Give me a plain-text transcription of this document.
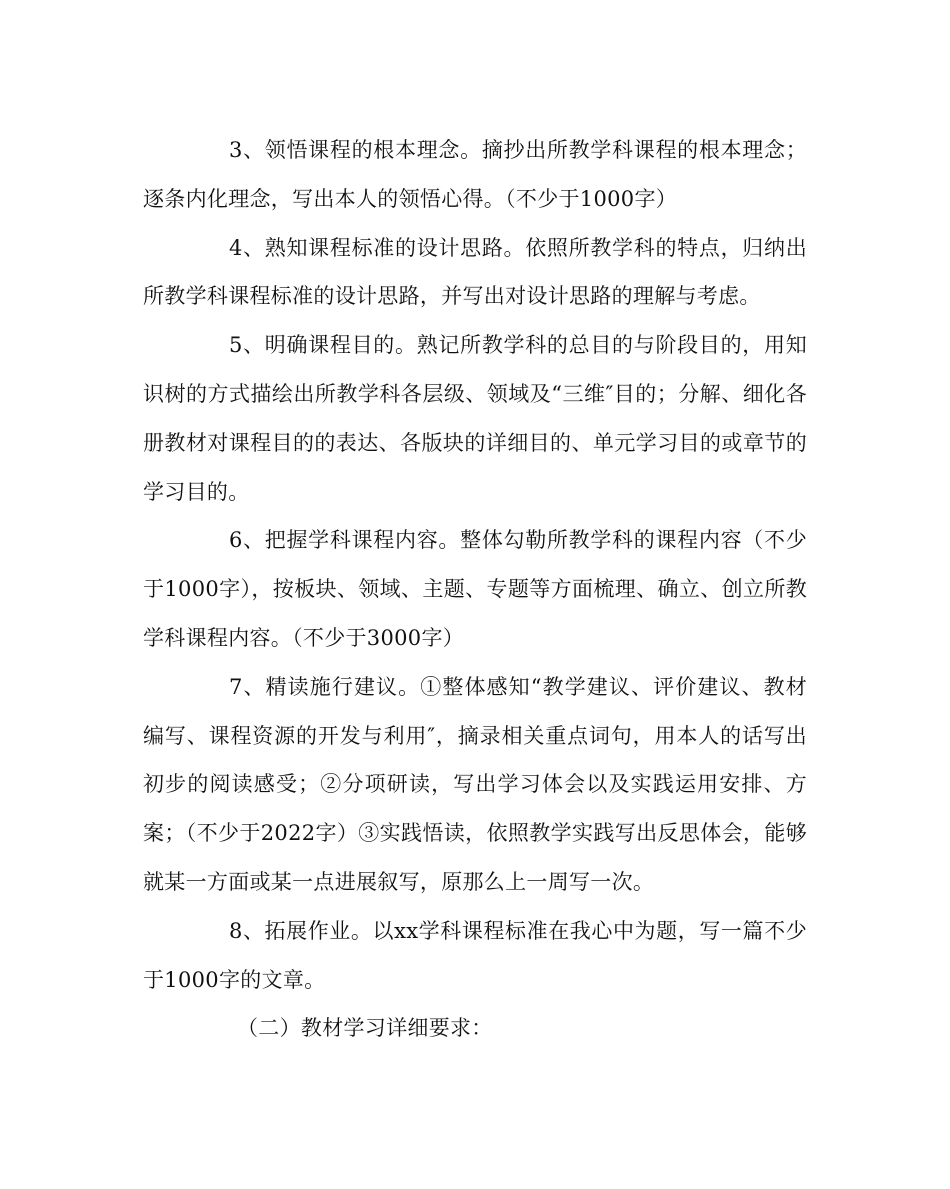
3、领悟课程的根本理念。摘抄出所教学科课程的根本理念；逐条内化理念，写出本人的领悟心得。（不少于1000字）

4、熟知课程标准的设计思路。依照所教学科的特点，归纳出所教学科课程标准的设计思路，并写出对设计思路的理解与考虑。

5、明确课程目的。熟记所教学科的总目的与阶段目的，用知识树的方式描绘出所教学科各层级、领域及“三维″目的；分解、细化各册教材对课程目的的表达、各版块的详细目的、单元学习目的或章节的学习目的。

6、把握学科课程内容。整体勾勒所教学科的课程内容（不少于1000字），按板块、领域、主题、专题等方面梳理、确立、创立所教学科课程内容。（不少于3000字）

7、精读施行建议。①整体感知“教学建议、评价建议、教材编写、课程资源的开发与利用″，摘录相关重点词句，用本人的话写出初步的阅读感受；②分项研读，写出学习体会以及实践运用安排、方案；（不少于2022字）③实践悟读，依照教学实践写出反思体会，能够就某一方面或某一点进展叙写，原那么上一周写一次。

8、拓展作业。以xx学科课程标准在我心中为题，写一篇不少于1000字的文章。

（二）教材学习详细要求：
